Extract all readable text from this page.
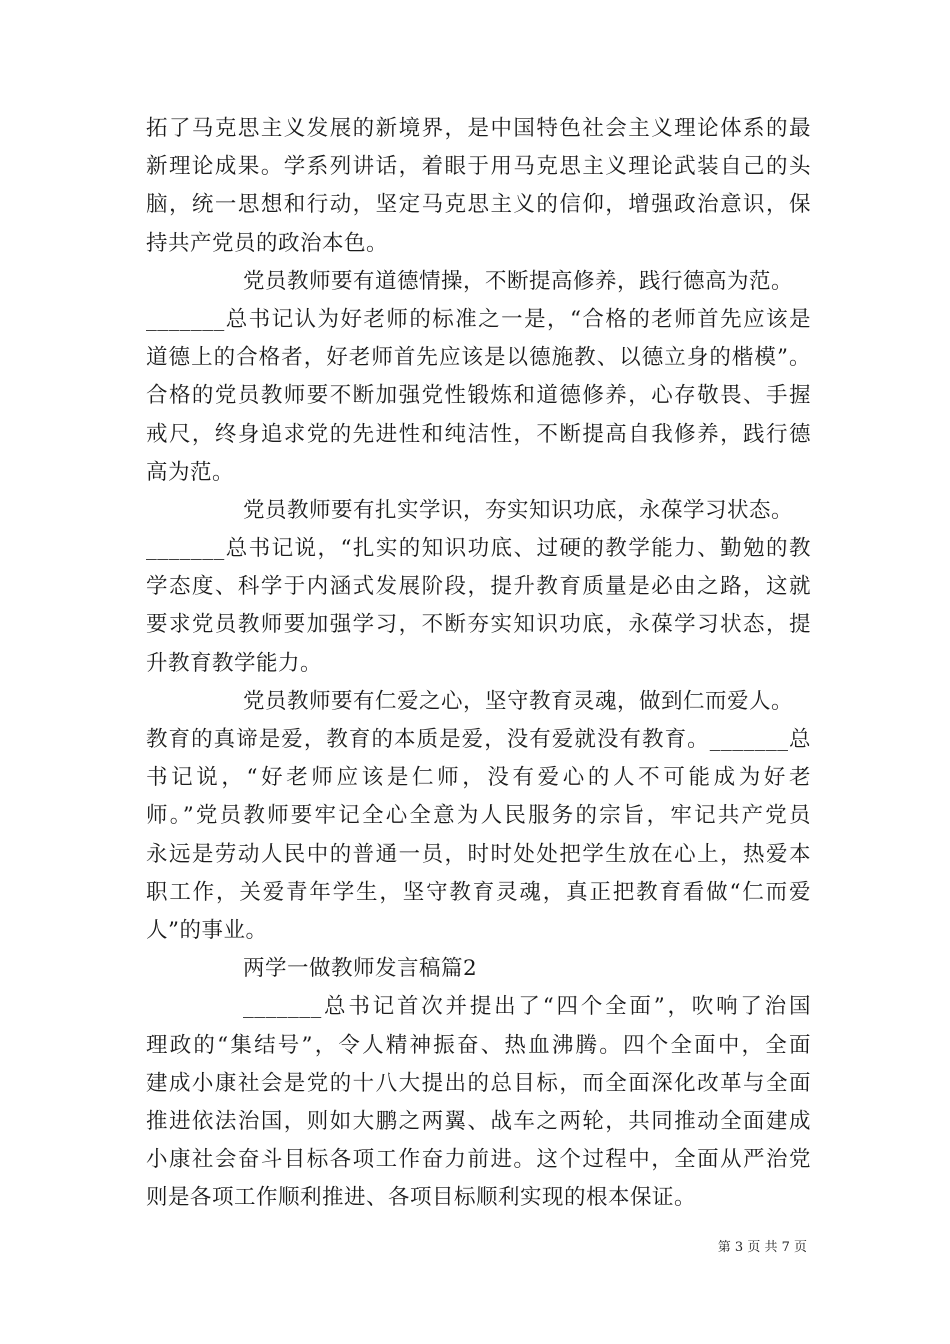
拓了马克思主义发展的新境界，是中国特色社会主义理论体系的最
新理论成果。学系列讲话，着眼于用马克思主义理论武装自己的头
脑，统一思想和行动，坚定马克思主义的信仰，增强政治意识，保
持共产党员的政治本色。
党员教师要有道德情操，不断提高修养，践行德高为范。
_______总书记认为好老师的标准之一是，“合格的老师首先应该是
道德上的合格者，好老师首先应该是以德施教、以德立身的楷模”。
合格的党员教师要不断加强党性锻炼和道德修养，心存敬畏、手握
戒尺，终身追求党的先进性和纯洁性，不断提高自我修养，践行德
高为范。
党员教师要有扎实学识，夯实知识功底，永葆学习状态。
_______总书记说，“扎实的知识功底、过硬的教学能力、勤勉的教
学态度、科学于内涵式发展阶段，提升教育质量是必由之路，这就
要求党员教师要加强学习，不断夯实知识功底，永葆学习状态，提
升教育教学能力。
党员教师要有仁爱之心，坚守教育灵魂，做到仁而爱人。
教育的真谛是爱，教育的本质是爱，没有爱就没有教育。_______总
书记说，“好老师应该是仁师，没有爱心的人不可能成为好老
师。”党员教师要牢记全心全意为人民服务的宗旨，牢记共产党员
永远是劳动人民中的普通一员，时时处处把学生放在心上，热爱本
职工作，关爱青年学生，坚守教育灵魂，真正把教育看做“仁而爱
人”的事业。
两学一做教师发言稿篇2
_______总书记首次并提出了“四个全面”，吹响了治国
理政的“集结号”，令人精神振奋、热血沸腾。四个全面中，全面
建成小康社会是党的十八大提出的总目标，而全面深化改革与全面
推进依法治国，则如大鹏之两翼、战车之两轮，共同推动全面建成
小康社会奋斗目标各项工作奋力前进。这个过程中，全面从严治党
则是各项工作顺利推进、各项目标顺利实现的根本保证。
第 3 页 共 7 页
